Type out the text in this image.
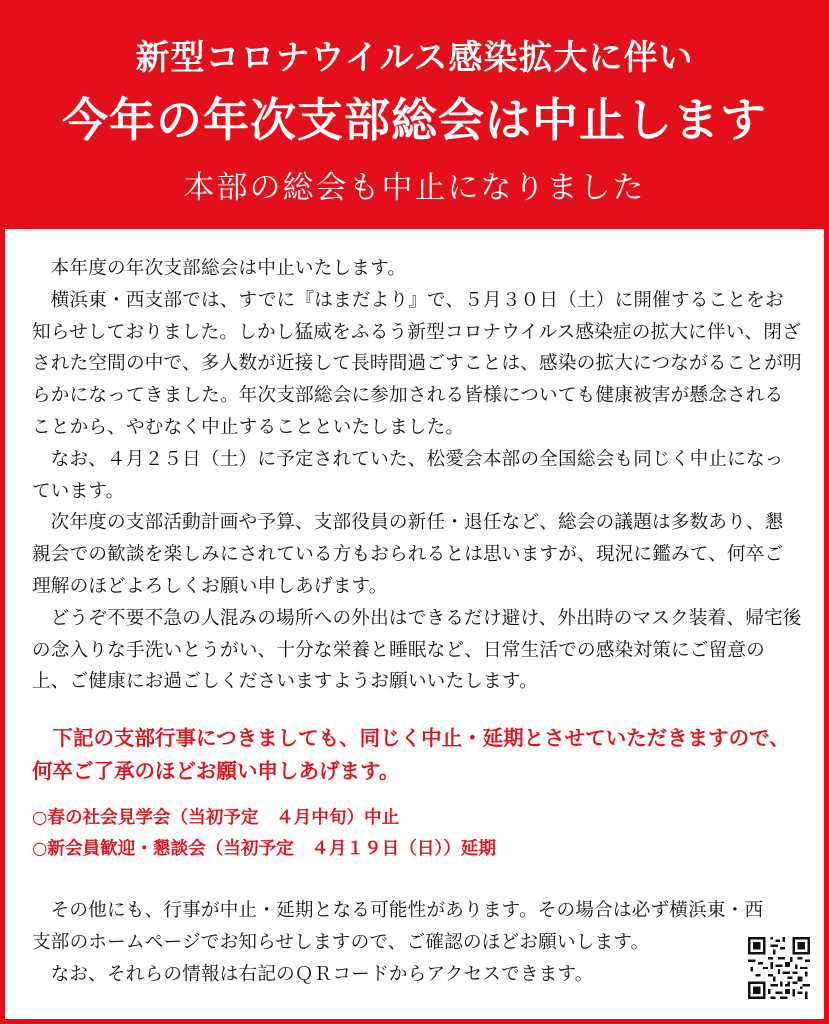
新型コロナウイルス感染拡大に伴い
今年の年次支部総会は中止します
本部の総会も中止になりました

本年度の年次支部総会は中止いたします。

横浜東・西支部では、すでに『はまだより』で、５月３０日（土）に開催することをお知らせしておりました。しかし猛威をふるう新型コロナウイルス感染症の拡大に伴い、閉ざされた空間の中で、多人数が近接して長時間過ごすことは、感染の拡大につながることが明らかになってきました。年次支部総会に参加される皆様についても健康被害が懸念されることから、やむなく中止することといたしました。

なお、４月２５日（土）に予定されていた、松愛会本部の全国総会も同じく中止になっています。

次年度の支部活動計画や予算、支部役員の新任・退任など、総会の議題は多数あり、懇親会での歓談を楽しみにされている方もおられるとは思いますが、現況に鑑みて、何卒ご理解のほどよろしくお願い申しあげます。

どうぞ不要不急の人混みの場所への外出はできるだけ避け、外出時のマスク装着、帰宅後の念入りな手洗いとうがい、十分な栄養と睡眠など、日常生活での感染対策にご留意の上、ご健康にお過ごしくださいますようお願いいたします。

下記の支部行事につきましても、同じく中止・延期とさせていただきますので、何卒ご了承のほどお願い申しあげます。

○春の社会見学会（当初予定　４月中旬）中止
○新会員歓迎・懇談会（当初予定　４月１９日（日））延期

その他にも、行事が中止・延期となる可能性があります。その場合は必ず横浜東・西支部のホームページでお知らせしますので、ご確認のほどお願いします。

なお、それらの情報は右記のＱＲコードからアクセスできます。
